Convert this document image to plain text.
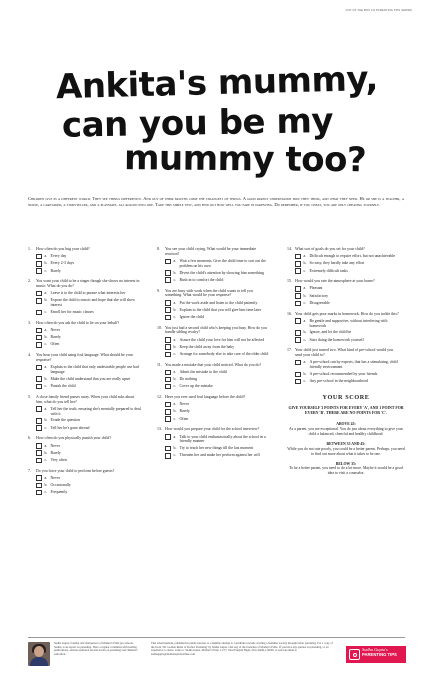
OUT OF THE BOX 1% PARENTING TIPS SERIES
Ankita's mummy,
can you be my
mummy too?
Children live in a different world. They see things differently. And out of their mouths come the strangest of things. A good parent understands how they think, and what they need. He or she is a teacher, a nurse, a caretaker, a storyteller, and a playmate, all rolled into one. Take this simple test, and find out how well you fare in parenting. Do remember, if you cheat, you are only cheating yourself.
1.	How often do you hug your child?
a. Every day
b. Every 2-3 days
c. Rarely
2.	You want your child to be a singer though she shows no interest in music. What do you do?
a. Leave it to the child to pursue what interests her
b. Expose the child to music and hope that she will show interest
c. Enroll her for music classes
3.	How often do you ask the child to lie on your behalf?
a. Never
b. Rarely
c. Often
4.	You hear your child using foul language. What should be your response?
a. Explain to the child that only undesirable people use bad language
b. Make the child understand that you are really upset
c. Punish the child
5.	A close family friend passes away. When your child asks about him, what do you tell her?
a. Tell her the truth, ensuring she's mentally prepared to deal with it
b. Evade the question
c. Tell her he's gone abroad
6.	How often do you physically punish your child?
a. Never
b. Rarely
c. Very often
7.	Do you force your child to perform before guests?
a. Never
b. Occasionally
c. Frequently
8.	You see your child crying. What would be your immediate reaction?
a. Wait a few moments. Give the child time to sort out the problem on his own
b. Divert the child's attention by showing him something
c. Rush in to comfort the child
9.	You are busy with work when the child wants to tell you something. What would be your response?
a. Put the work aside and listen to the child patiently
b. Explain to the child that you will give him time later
c. Ignore the child
10. You just had a second child who's keeping you busy. How do you handle sibling rivalry?
a. Assure the child your love for him will not be affected
b. Keep the child away from the baby
c. Arrange for somebody else to take care of the older child
11. You made a mistake that your child noticed. What do you do?
a. Admit the mistake to the child
b. Do nothing
c. Cover up the mistake
12. Have you ever used foul language before the child?
a. Never
b. Rarely
c. Often
13. How would you prepare your child for the school interview?
a. Talk to your child enthusiastically about the school in a friendly manner
b. Try to teach her new things till the last moment
c. Threaten her and make her perform against her will
14. What sort of goals do you set for your child?
a. Difficult enough to require effort, but not unachievable
b. So easy, they hardly take any effort
c. Extremely difficult tasks
15. How would you rate the atmosphere at your home?
a. Pleasant
b. Satisfactory
c. Disagreeable
16. Your child gets poor marks in homework. How do you tackle this?
a. Be gentle and supportive, without interfering with homework
b. Ignore, and let the child be
c. Start doing the homework yourself
17. Your child just turned two. What kind of pre-school would you send your child to?
a. A pre-school run by experts, that has a stimulating, child friendly environment
b. A pre-school recommended by your friends
c. Any pre-school in the neighbourhood
YOUR SCORE
GIVE YOURSELF 3 POINTS FOR EVERY 'A', AND 1 POINT FOR EVERY 'B'. THERE ARE NO POINTS FOR 'C'.
ABOVE 45:
As a parent, you are exceptional. You do just about everything to give your child a balanced, cheerful and healthy childhood.
BETWEEN 35 AND 45:
While you do not rate poorly, you could be a better parent. Perhaps, you need to find out more about what it takes to be one.
BELOW 35:
To be a better parent, you need to do a lot more. Maybe it would be a good idea to visit a counselor.
Sudha Gupta, founder and chairperson of Mother's Pride pre-schools Sudha, is an expert on parenting. She's a regular columnist with leading publications, and has authored several books on parenting and children's education.
This advertisement, published in public interest, is a humble attempt to contribute towards creating a healthier society through better parenting. For a copy of the book '101 Golden Rules of Perfect Parenting' by Sudha Gupta, visit any of the branches of Mother's Pride. If you have any queries on parenting, or an experience to share, write to: Sudha Gupta, Mother's Pride, 11/77, West Punjabi Bagh, New Delhi-110026, or send an email to sudhagupta@mothersprideonline.com
Sudha Gupta's
PARENTING TIPS
